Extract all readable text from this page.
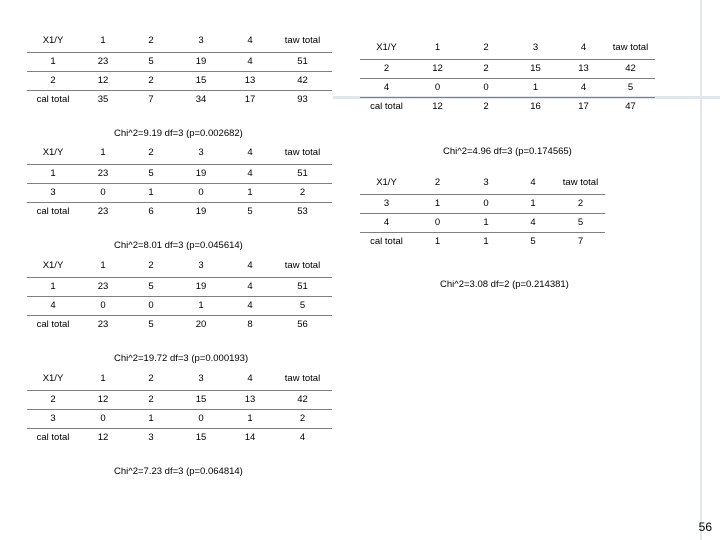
X1/Y	1	2	3	4	taw total
1	23	5	19	4	51
2	12	2	15	13	42
cal total	35	7	34	17	93
Chi^2=9.19 df=3 (p=0.002682)
X1/Y	1	2	3	4	taw total
1	23	5	19	4	51
3	0	1	0	1	2
cal total	23	6	19	5	53
Chi^2=8.01 df=3 (p=0.045614)
X1/Y	1	2	3	4	taw total
1	23	5	19	4	51
4	0	0	1	4	5
cal total	23	5	20	8	56
Chi^2=19.72 df=3 (p=0.000193)
X1/Y	1	2	3	4	taw total
2	12	2	15	13	42
3	0	1	0	1	2
cal total	12	3	15	14	4
Chi^2=7.23 df=3 (p=0.064814)
X1/Y	1	2	3	4	taw total
2	12	2	15	13	42
4	0	0	1	4	5
cal total	12	2	16	17	47
Chi^2=4.96 df=3 (p=0.174565)
X1/Y	2	3	4	taw total
3	1	0	1	2
4	0	1	4	5
cal total	1	1	5	7
Chi^2=3.08 df=2 (p=0.214381)
56
